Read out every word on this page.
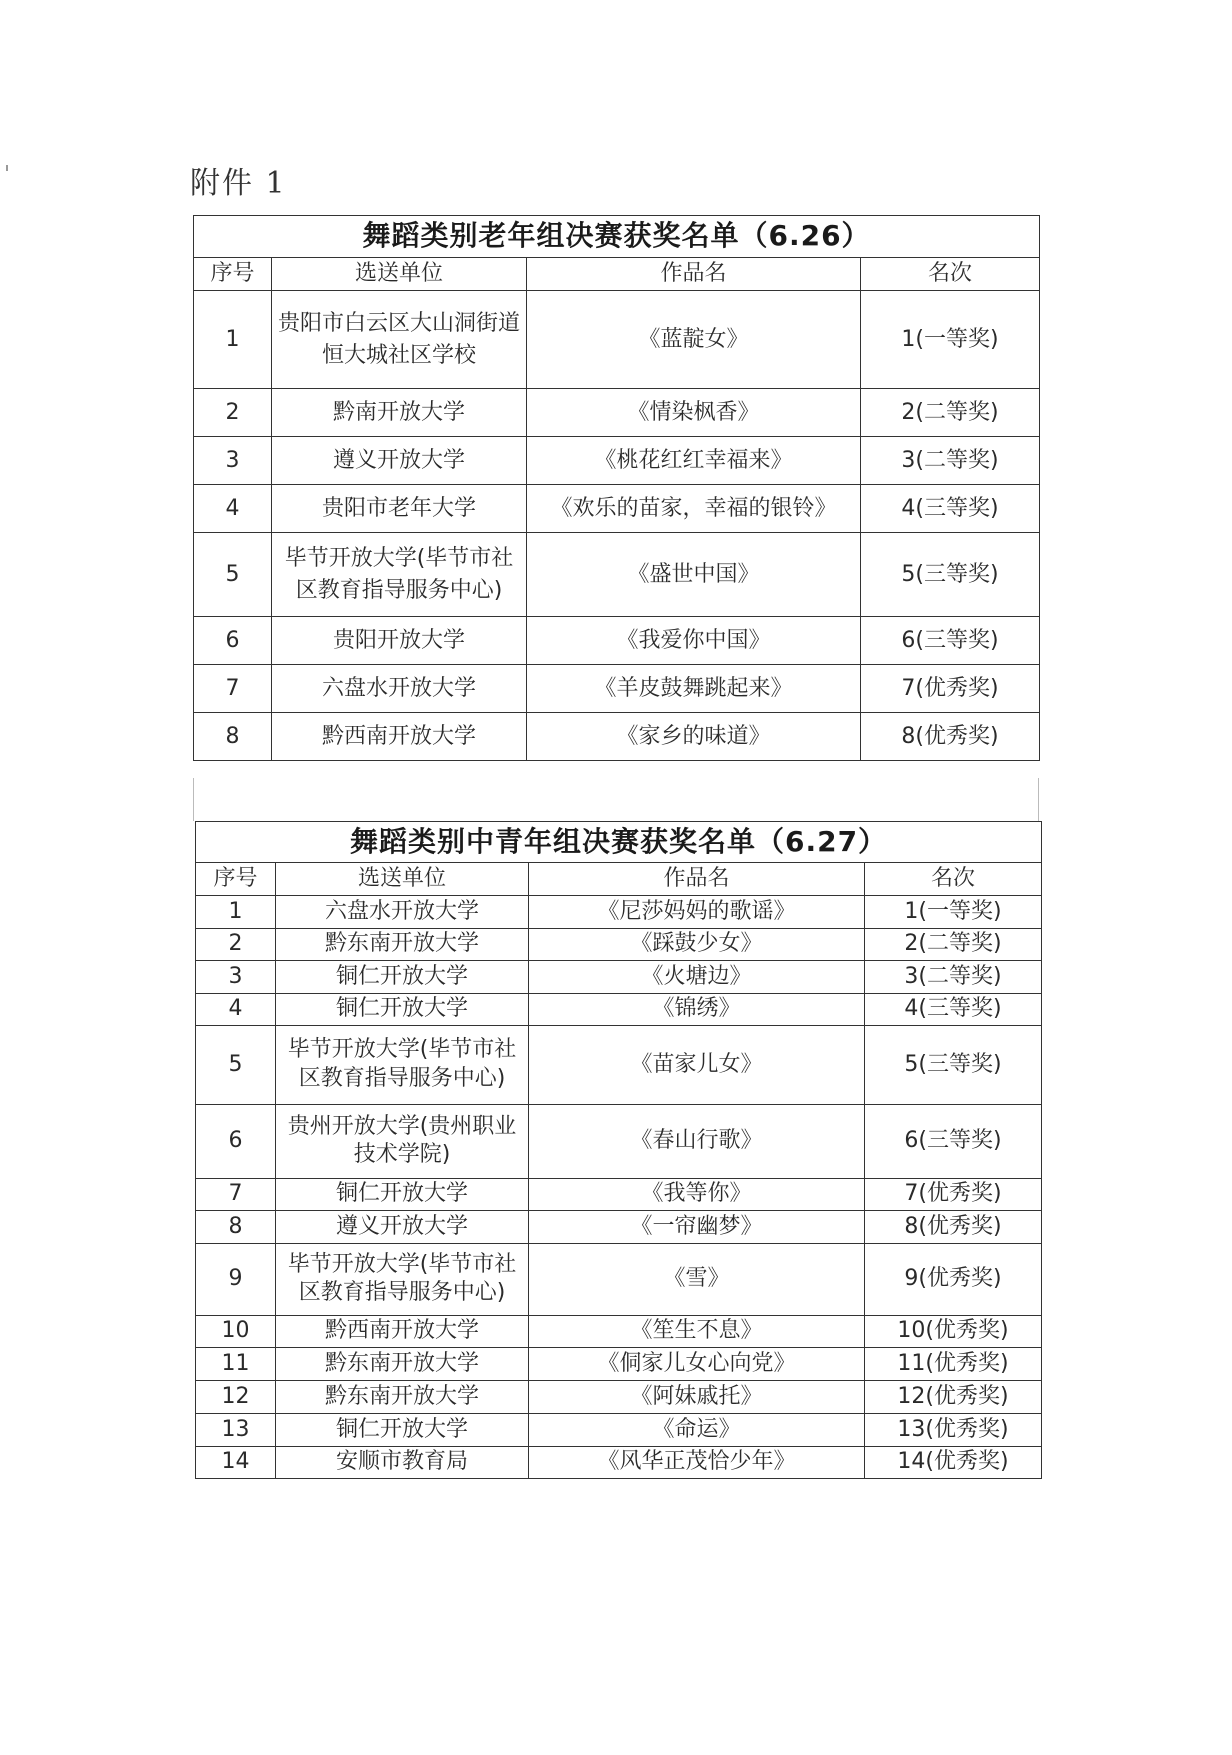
附件 1
舞蹈类别老年组决赛获奖名单（6.26）			
序号	选送单位	作品名	名次
1	贵阳市白云区大山洞街道恒大城社区学校	《蓝靛女》	1(一等奖)
2	黔南开放大学	《情染枫香》	2(二等奖)
3	遵义开放大学	《桃花红红幸福来》	3(二等奖)
4	贵阳市老年大学	《欢乐的苗家，幸福的银铃》	4(三等奖)
5	毕节开放大学(毕节市社区教育指导服务中心)	《盛世中国》	5(三等奖)
6	贵阳开放大学	《我爱你中国》	6(三等奖)
7	六盘水开放大学	《羊皮鼓舞跳起来》	7(优秀奖)
8	黔西南开放大学	《家乡的味道》	8(优秀奖)
舞蹈类别中青年组决赛获奖名单（6.27）			
序号	选送单位	作品名	名次
1	六盘水开放大学	《尼莎妈妈的歌谣》	1(一等奖)
2	黔东南开放大学	《踩鼓少女》	2(二等奖)
3	铜仁开放大学	《火塘边》	3(二等奖)
4	铜仁开放大学	《锦绣》	4(三等奖)
5	毕节开放大学(毕节市社区教育指导服务中心)	《苗家儿女》	5(三等奖)
6	贵州开放大学(贵州职业技术学院)	《春山行歌》	6(三等奖)
7	铜仁开放大学	《我等你》	7(优秀奖)
8	遵义开放大学	《一帘幽梦》	8(优秀奖)
9	毕节开放大学(毕节市社区教育指导服务中心)	《雪》	9(优秀奖)
10	黔西南开放大学	《笙生不息》	10(优秀奖)
11	黔东南开放大学	《侗家儿女心向党》	11(优秀奖)
12	黔东南开放大学	《阿妹戚托》	12(优秀奖)
13	铜仁开放大学	《命运》	13(优秀奖)
14	安顺市教育局	《风华正茂恰少年》	14(优秀奖)
